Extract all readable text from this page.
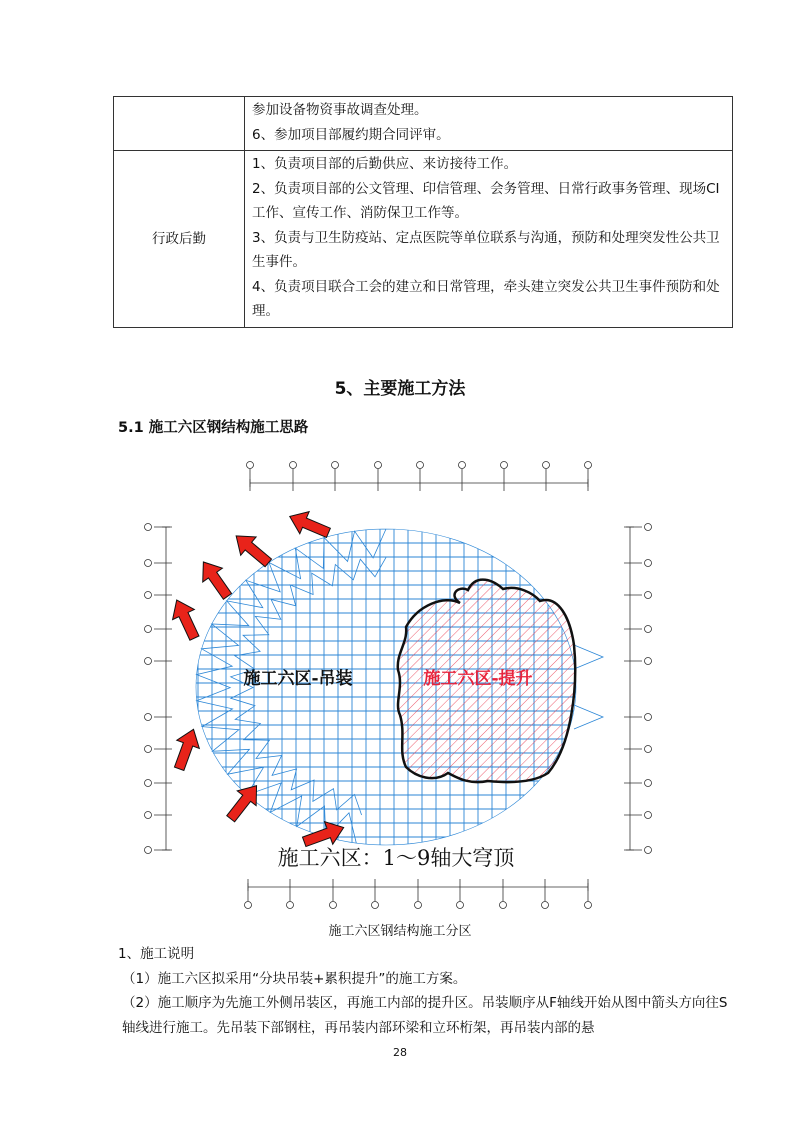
	参加设备物资事故调查处理。

6、参加项目部履约期合同评审。

行政后勤	1、负责项目部的后勤供应、来访接待工作。

2、负责项目部的公文管理、印信管理、会务管理、日常行政事务管理、现场CI工作、宣传工作、消防保卫工作等。

3、负责与卫生防疫站、定点医院等单位联系与沟通，预防和处理突发性公共卫生事件。

4、负责项目联合工会的建立和日常管理，牵头建立突发公共卫生事件预防和处理。

5、主要施工方法
5.1 施工六区钢结构施工思路
施工六区-吊装	施工六区-提升
施工六区：1～9轴大穹顶
施工六区钢结构施工分区

1、施工说明

（1）施工六区拟采用“分块吊装+累积提升”的施工方案。

（2）施工顺序为先施工外侧吊装区，再施工内部的提升区。吊装顺序从F轴线开始从图中箭头方向往S轴线进行施工。先吊装下部钢柱，再吊装内部环梁和立环桁架，再吊装内部的悬

28
